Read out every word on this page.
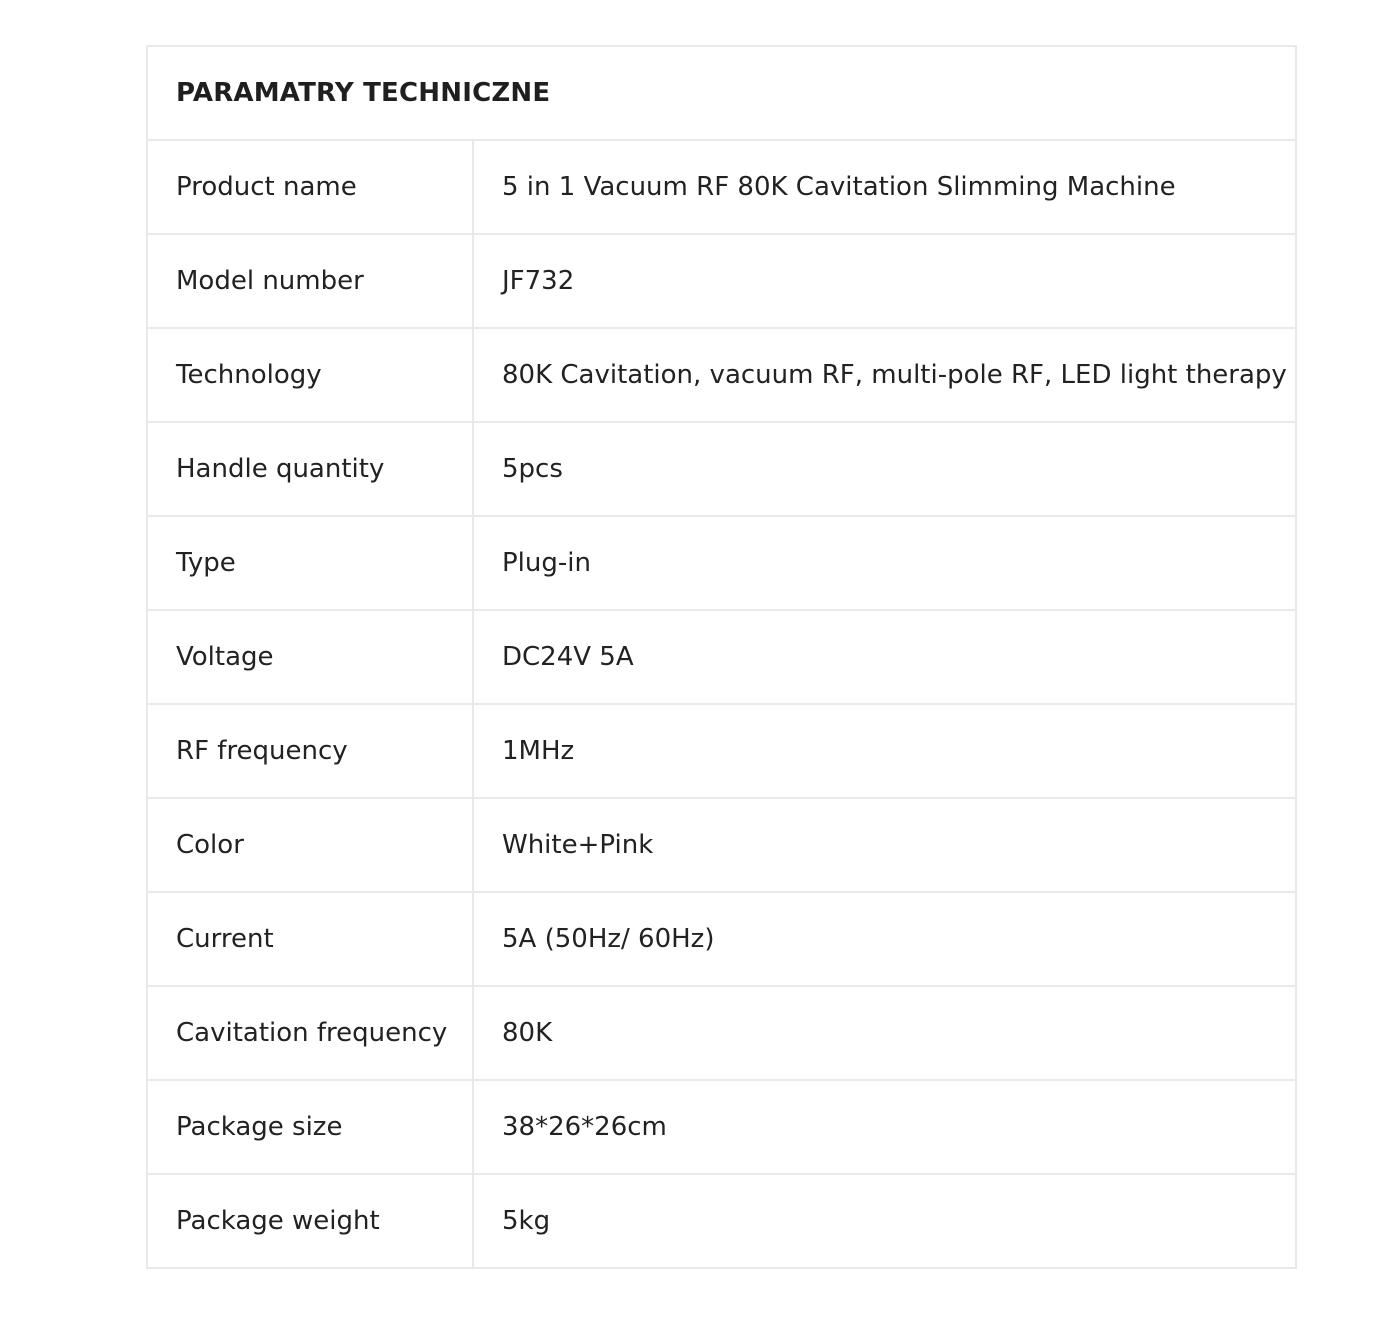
PARAMATRY TECHNICZNE
Product name	5 in 1 Vacuum RF 80K Cavitation Slimming Machine
Model number	JF732
Technology	80K Cavitation, vacuum RF, multi-pole RF, LED light therapy
Handle quantity	5pcs
Type	Plug-in
Voltage	DC24V 5A
RF frequency	1MHz
Color	White+Pink
Current	5A (50Hz/ 60Hz)
Cavitation frequency 80K
Package size	38*26*26cm
Package weight	5kg
